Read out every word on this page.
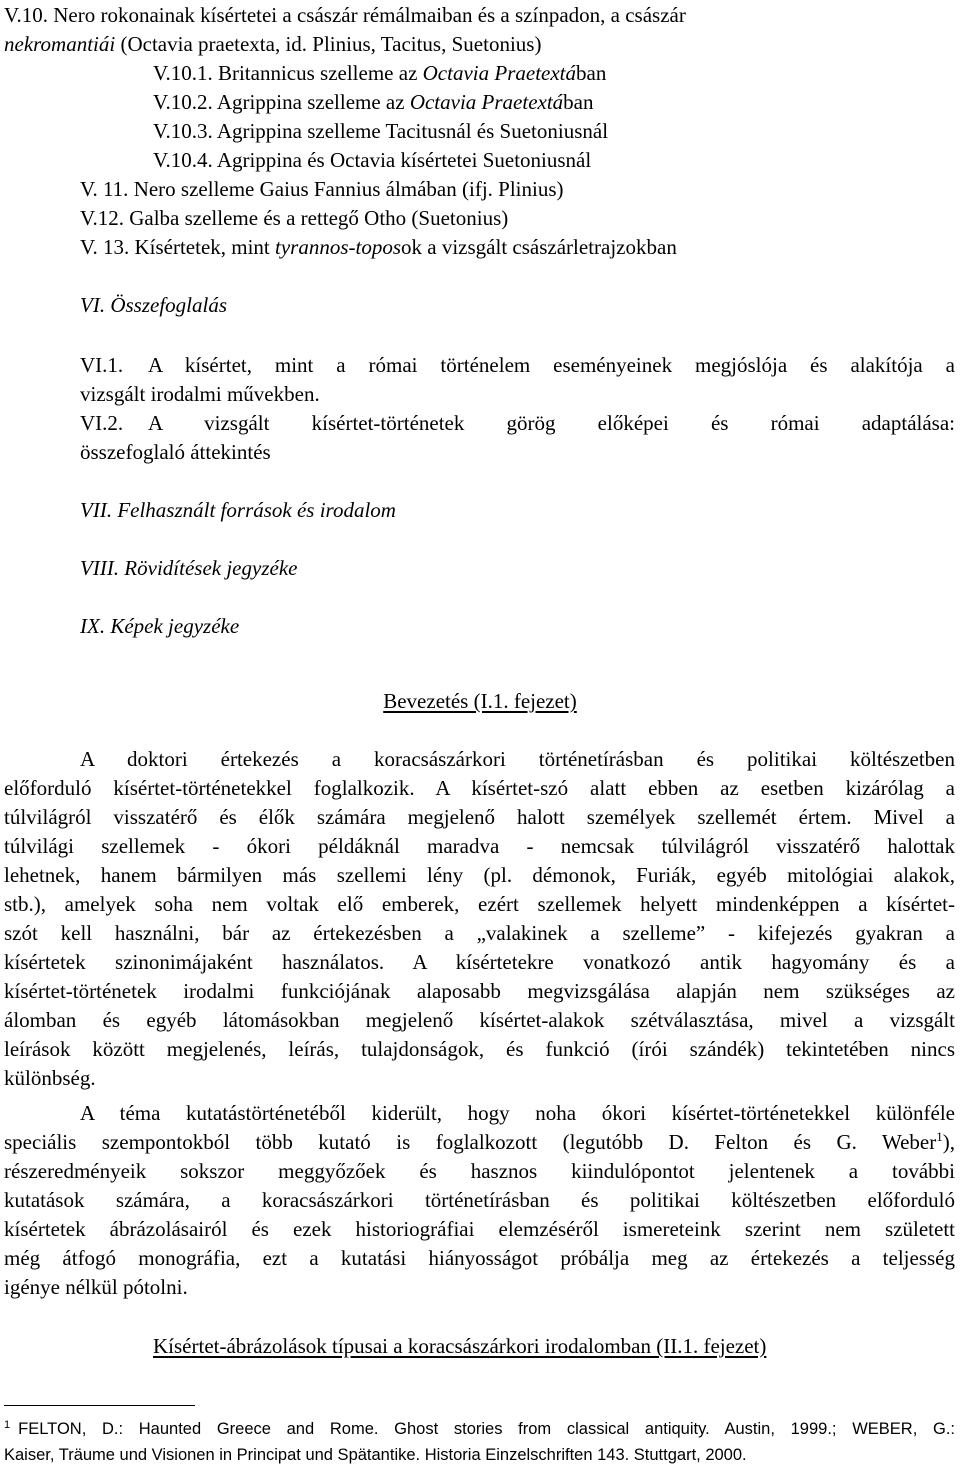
V.10. Nero rokonainak kísértetei a császár rémálmaiban és a színpadon, a császár
nekromantiái (Octavia praetexta, id. Plinius, Tacitus, Suetonius)
V.10.1. Britannicus szelleme az Octavia Praetextában
V.10.2. Agrippina szelleme az Octavia Praetextában
V.10.3. Agrippina szelleme Tacitusnál és Suetoniusnál
V.10.4. Agrippina és Octavia kísértetei Suetoniusnál
V. 11. Nero szelleme Gaius Fannius álmában (ifj. Plinius)
V.12. Galba szelleme és a rettegő Otho (Suetonius)
V. 13. Kísértetek, mint tyrannos-toposok a vizsgált császárletrajzokban
VI. Összefoglalás
VI.1. A kísértet, mint a római történelem eseményeinek megjóslója és alakítója a
vizsgált irodalmi művekben.
VI.2. A vizsgált kísértet-történetek görög előképei és római adaptálása:
összefoglaló áttekintés
VII. Felhasznált források és irodalom
VIII. Rövidítések jegyzéke
IX. Képek jegyzéke
Bevezetés (I.1. fejezet)
A doktori értekezés a koracsászárkori történetírásban és politikai költészetben
előforduló kísértet-történetekkel foglalkozik. A kísértet-szó alatt ebben az esetben kizárólag a
túlvilágról visszatérő és élők számára megjelenő halott személyek szellemét értem. Mivel a
túlvilági szellemek - ókori példáknál maradva - nemcsak túlvilágról visszatérő halottak
lehetnek, hanem bármilyen más szellemi lény (pl. démonok, Furiák, egyéb mitológiai alakok,
stb.), amelyek soha nem voltak elő emberek, ezért szellemek helyett mindenképpen a kísértet-
szót kell használni, bár az értekezésben a „valakinek a szelleme” - kifejezés gyakran a
kísértetek szinonimájaként használatos. A kísértetekre vonatkozó antik hagyomány és a
kísértet-történetek irodalmi funkciójának alaposabb megvizsgálása alapján nem szükséges az
álomban és egyéb látomásokban megjelenő kísértet-alakok szétválasztása, mivel a vizsgált
leírások között megjelenés, leírás, tulajdonságok, és funkció (írói szándék) tekintetében nincs
különbség.
A téma kutatástörténetéből kiderült, hogy noha ókori kísértet-történetekkel különféle
speciális szempontokból több kutató is foglalkozott (legutóbb D. Felton és G. Weber$^1$),
részeredményeik sokszor meggyőzőek és hasznos kiindulópontot jelentenek a további
kutatások számára, a koracsászárkori történetírásban és politikai költészetben előforduló
kísértetek ábrázolásairól és ezek historiográfiai elemzéséről ismereteink szerint nem született
még átfogó monográfia, ezt a kutatási hiányosságot próbálja meg az értekezés a teljesség
igénye nélkül pótolni.
Kísértet-ábrázolások típusai a koracsászárkori irodalomban (II.1. fejezet)
$^1$ FELTON, D.: Haunted Greece and Rome. Ghost stories from classical antiquity. Austin, 1999.; WEBER, G.:
Kaiser, Träume und Visionen in Principat und Spätantike. Historia Einzelschriften 143. Stuttgart, 2000.
